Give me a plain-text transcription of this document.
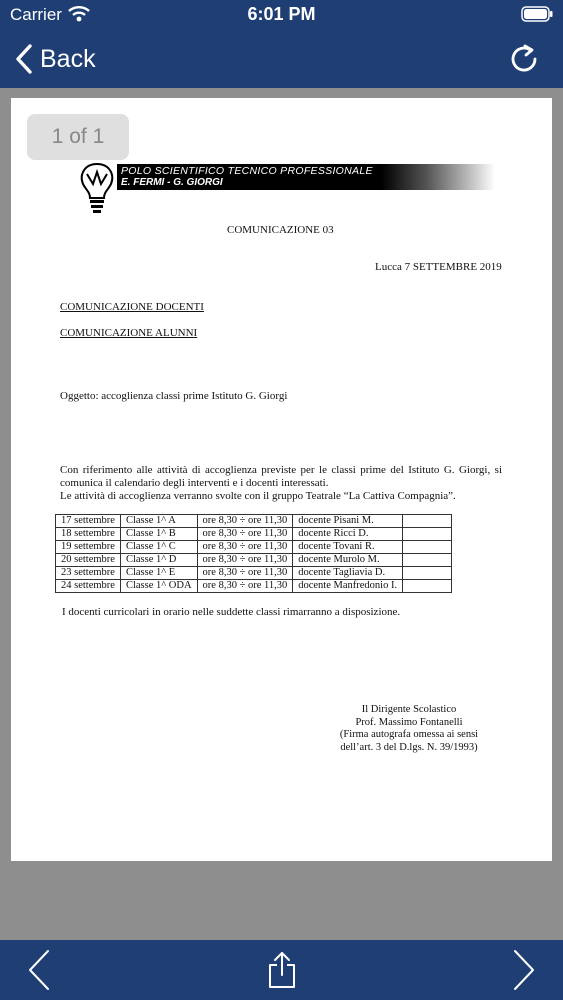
Carrier	6:01 PM
Back
1 of 1
POLO SCIENTIFICO TECNICO PROFESSIONALE
E. FERMI - G. GIORGI
COMUNICAZIONE 03
Lucca 7 SETTEMBRE 2019
COMUNICAZIONE DOCENTI
COMUNICAZIONE ALUNNI
Oggetto: accoglienza classi prime Istituto G. Giorgi
Con riferimento alle attività di accoglienza previste per le classi prime del Istituto G. Giorgi, si comunica il calendario degli interventi e i docenti interessati.
Le attività di accoglienza verranno svolte con il gruppo Teatrale “La Cattiva Compagnia”.
17 settembre	Classe 1^ A	ore 8,30 ÷ ore 11,30	docente Pisani M.	
18 settembre	Classe 1^ B	ore 8,30 ÷ ore 11,30	docente Ricci D.	
19 settembre	Classe 1^ C	ore 8,30 ÷ ore 11,30	docente Tovani R.	
20 settembre	Classe 1^ D	ore 8,30 ÷ ore 11,30	docente Murolo M.	
23 settembre	Classe 1^ E	ore 8,30 ÷ ore 11,30	docente Tagliavia D.	
24 settembre	Classe 1^ ODA	ore 8,30 ÷ ore 11,30	docente Manfredonio I.	
I docenti curricolari in orario nelle suddette classi rimarranno a disposizione.
Il Dirigente Scolastico
Prof. Massimo Fontanelli
(Firma autografa omessa ai sensi
dell’art. 3 del D.lgs. N. 39/1993)
